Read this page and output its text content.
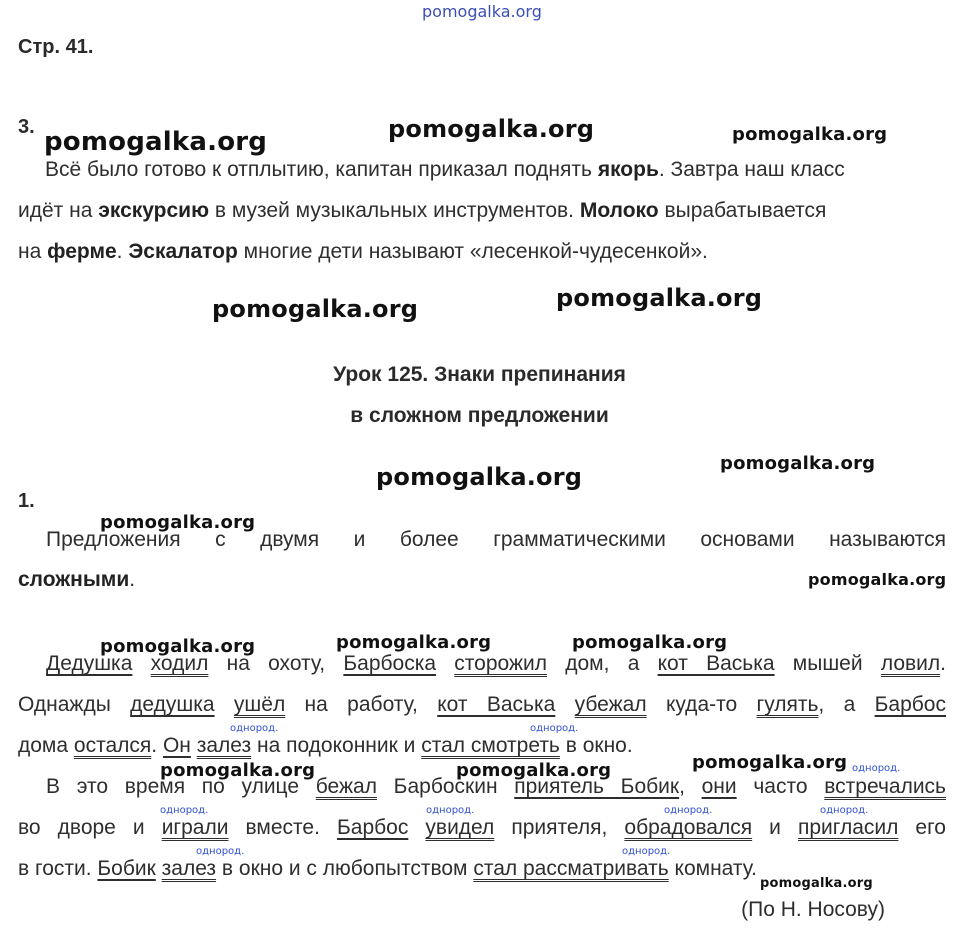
pomogalka.org
Стр. 41.
3.
Всё было готово к отплытию, капитан приказал поднять якорь. Завтра наш класс
идёт на экскурсию в музей музыкальных инструментов. Молоко вырабатывается
на ферме. Эскалатор многие дети называют «лесенкой-чудесенкой».
Урок 125. Знаки препинания
в сложном предложении
1.
Предложения с двумя и более грамматическими основами называются
сложными.
Дедушка ходил на охоту, Барбоска сторожил дом, а кот Васька мышей ловил.
Однажды дедушка ушёл на работу, кот Васька убежал куда-то гулять, а Барбос
дома остался. Он залез на подоконник и стал смотреть в окно.
В это время по улице бежал Барбоскин приятель Бобик, они часто встречались
во дворе и играли вместе. Барбос увидел приятеля, обрадовался и пригласил его
в гости. Бобик залез в окно и с любопытством стал рассматривать комнату.
(По Н. Носову)
однород.	однород.
однород.
однород.	однород.	однород.	однород.
однород.	однород.
pomogalka.org	pomogalka.org	pomogalka.org
pomogalka.org	pomogalka.org
pomogalka.org	pomogalka.org
pomogalka.org
pomogalka.org
pomogalka.org	pomogalka.org	pomogalka.org
pomogalka.org	pomogalka.org	pomogalka.org
pomogalka.org
